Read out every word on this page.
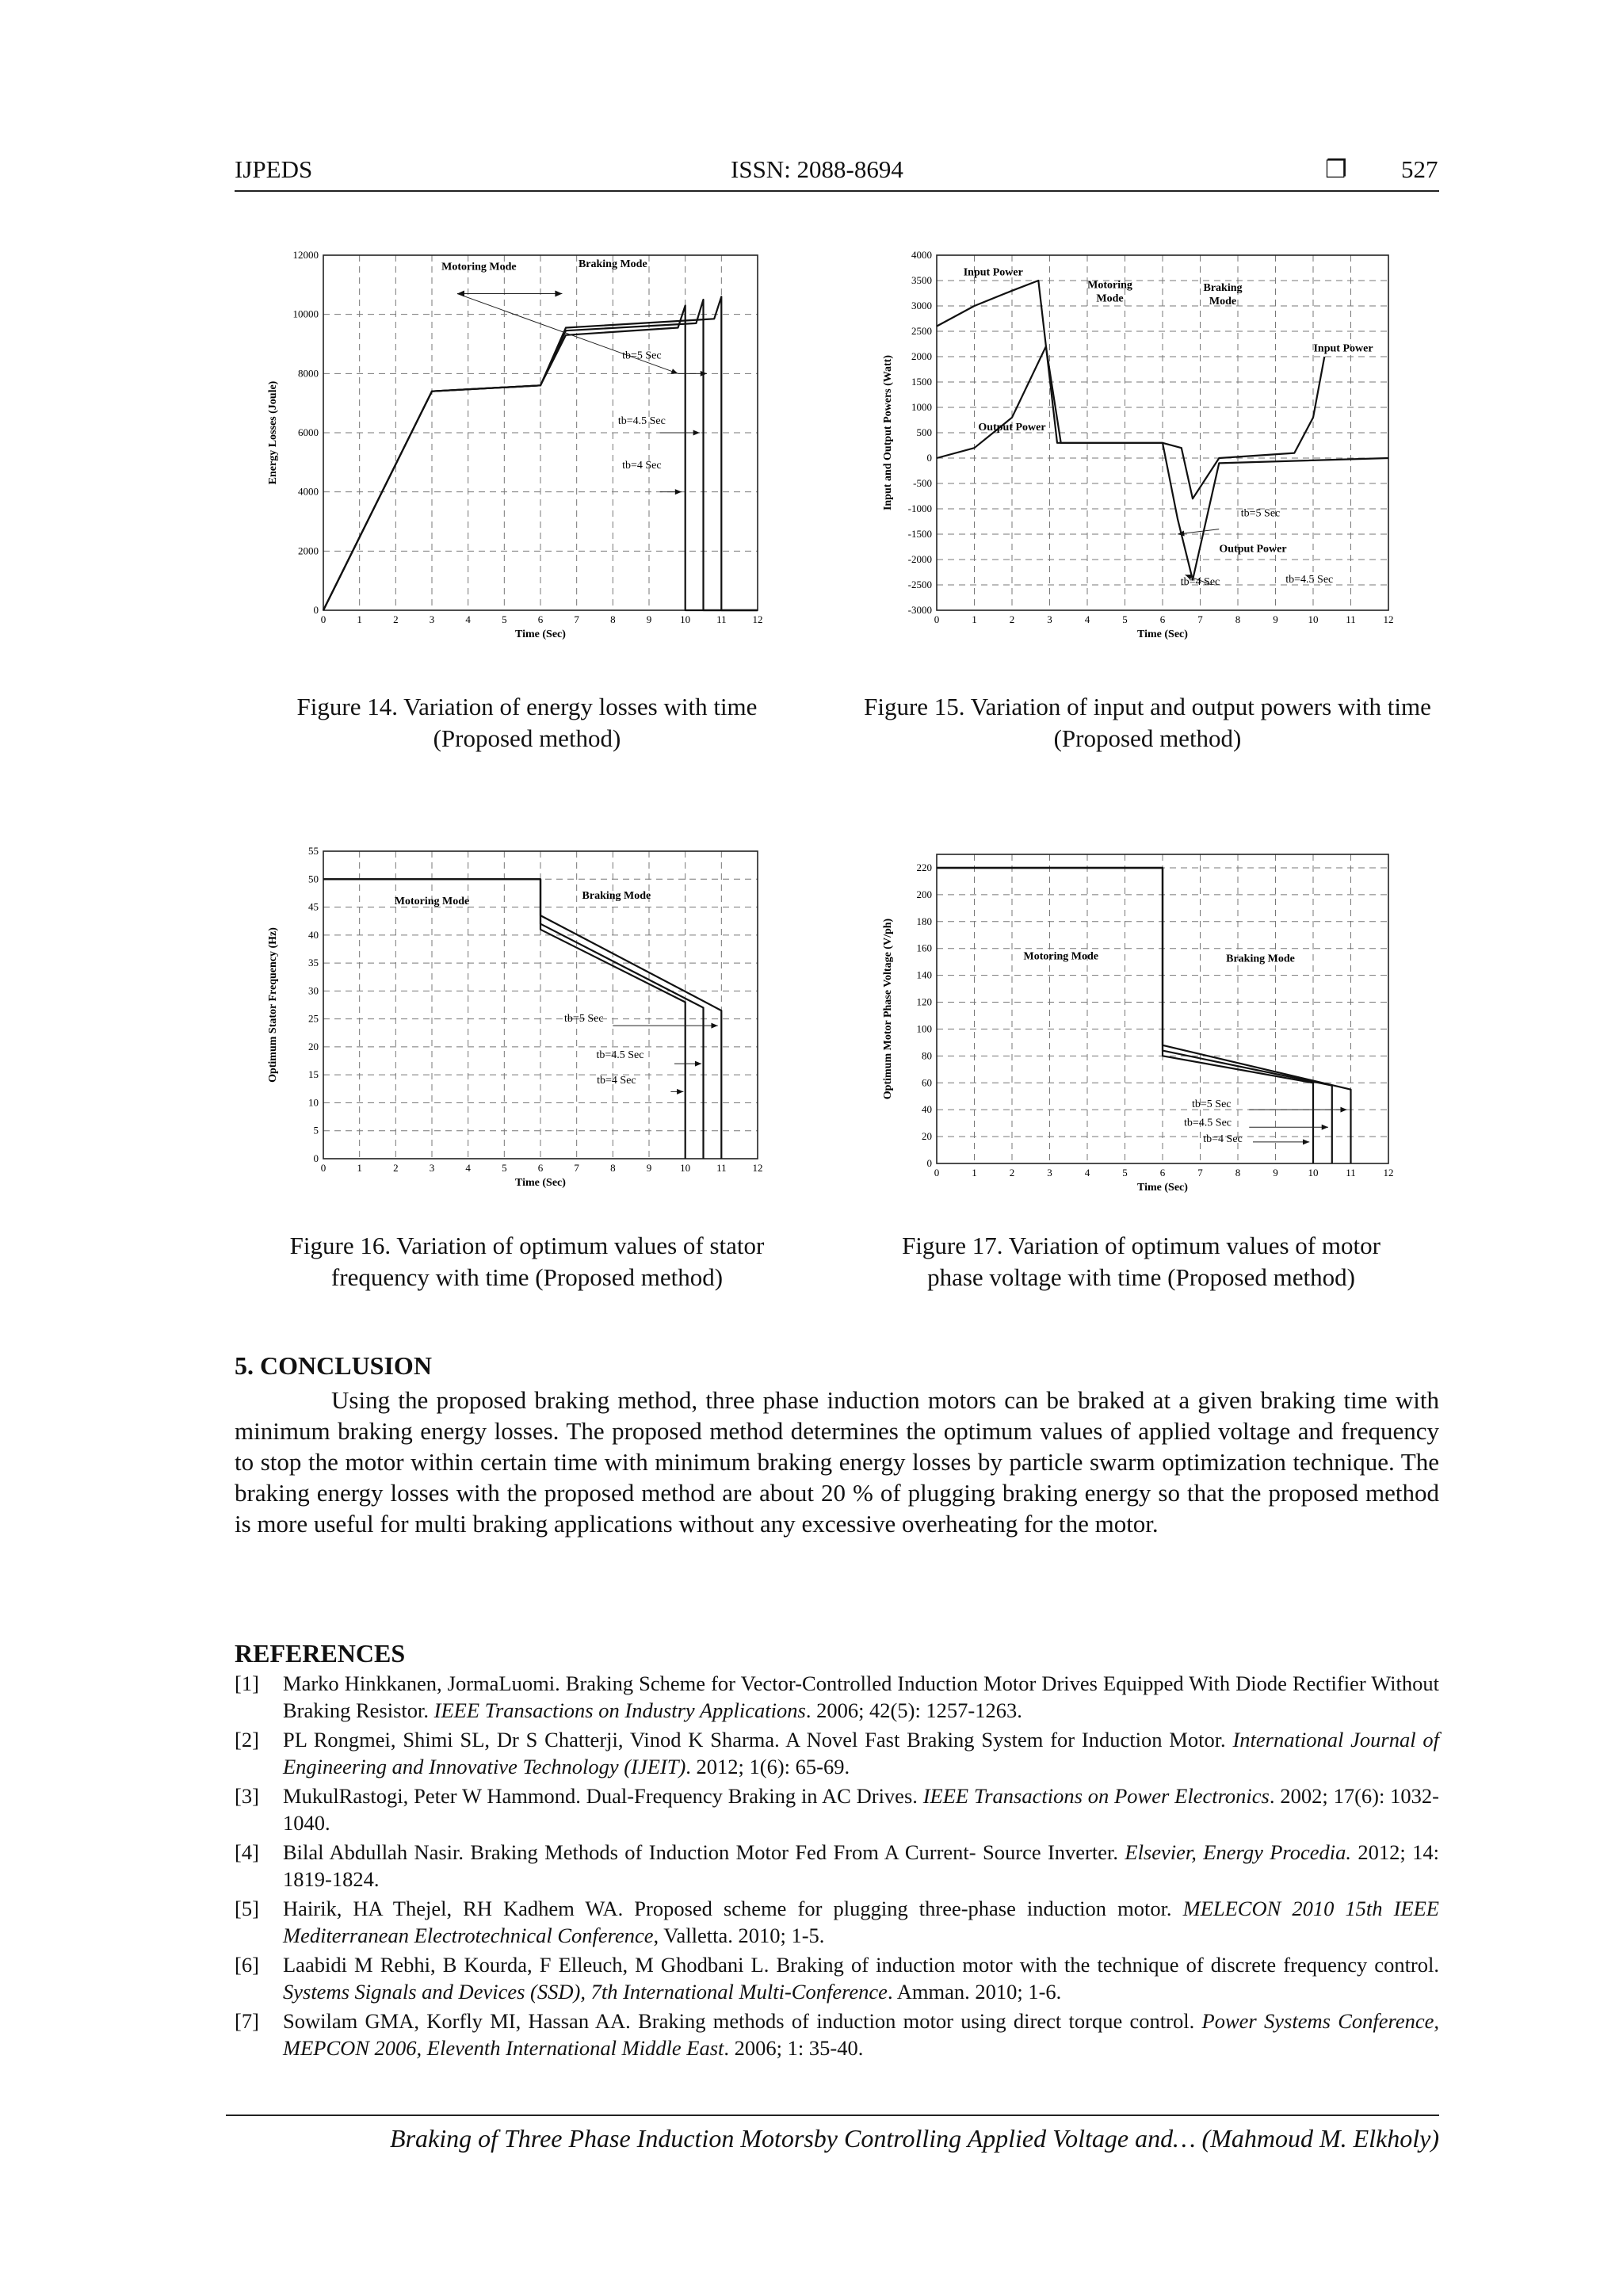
IJPEDS	ISSN: 2088-8694	❐ 527
0	1	2	3	4	5	6	7	8	9	10	11	12
0
2000
4000
6000
8000
10000
12000
Time (Sec)
Energy Losses (Joule)
Motoring Mode	Braking Mode
tb=5 Sec
tb=4.5 Sec
tb=4 Sec
Figure 14. Variation of energy losses with time (Proposed method)
0	1	2	3	4	5	6	7	8	9	10	11	12
-3000
-2500
-2000
-1500
-1000
-500
0
500
1000
1500
2000
2500
3000
3500
4000
Time (Sec)
Input and Output Powers (Watt)
Input Power
Motoring
Mode
Braking
Mode
Input Power
Output Power
tb=5 Sec
Output Power
tb=4 Sec	tb=4.5 Sec
Figure 15. Variation of input and output powers with time (Proposed method)
0	1	2	3	4	5	6	7	8	9	10	11	12
0
5
10
15
20
25
30
35
40
45
50
55
Time (Sec)
Optimum Stator Frequency (Hz)
Motoring Mode	Braking Mode
tb=5 Sec
tb=4.5 Sec
tb=4 Sec
Figure 16. Variation of optimum values of stator frequency with time (Proposed method)
0	1	2	3	4	5	6	7	8	9	10	11	12
0
20
40
60
80
100
120
140
160
180
200
220
Time (Sec)
Optimum Motor Phase Voltage (V/ph)	Motoring Mode	Braking Mode
tb=5 Sec
tb=4.5 Sec
tb=4 Sec
Figure 17. Variation of optimum values of motor phase voltage with time (Proposed method)
5. CONCLUSION
Using the proposed braking method, three phase induction motors can be braked at a given braking time with minimum braking energy losses. The proposed method determines the optimum values of applied voltage and frequency to stop the motor within certain time with minimum braking energy losses by particle swarm optimization technique. The braking energy losses with the proposed method are about 20 % of plugging braking energy so that the proposed method is more useful for multi braking applications without any excessive overheating for the motor.
REFERENCES
[1] Marko Hinkkanen, JormaLuomi. Braking Scheme for Vector-Controlled Induction Motor Drives Equipped With Diode Rectifier Without Braking Resistor. IEEE Transactions on Industry Applications. 2006; 42(5): 1257-1263.
[2] PL Rongmei, Shimi SL, Dr S Chatterji, Vinod K Sharma. A Novel Fast Braking System for Induction Motor. International Journal of Engineering and Innovative Technology (IJEIT). 2012; 1(6): 65-69.
[3] MukulRastogi, Peter W Hammond. Dual-Frequency Braking in AC Drives. IEEE Transactions on Power Electronics. 2002; 17(6): 1032-1040.
[4] Bilal Abdullah Nasir. Braking Methods of Induction Motor Fed From A Current- Source Inverter. Elsevier, Energy Procedia. 2012; 14: 1819-1824.
[5] Hairik, HA Thejel, RH Kadhem WA. Proposed scheme for plugging three-phase induction motor. MELECON 2010 15th IEEE Mediterranean Electrotechnical Conference, Valletta. 2010; 1-5.
[6] Laabidi M Rebhi, B Kourda, F Elleuch, M Ghodbani L. Braking of induction motor with the technique of discrete frequency control. Systems Signals and Devices (SSD), 7th International Multi-Conference. Amman. 2010; 1-6.
[7] Sowilam GMA, Korfly MI, Hassan AA. Braking methods of induction motor using direct torque control. Power Systems Conference, MEPCON 2006, Eleventh International Middle East. 2006; 1: 35-40.
Braking of Three Phase Induction Motorsby Controlling Applied Voltage and… (Mahmoud M. Elkholy)
